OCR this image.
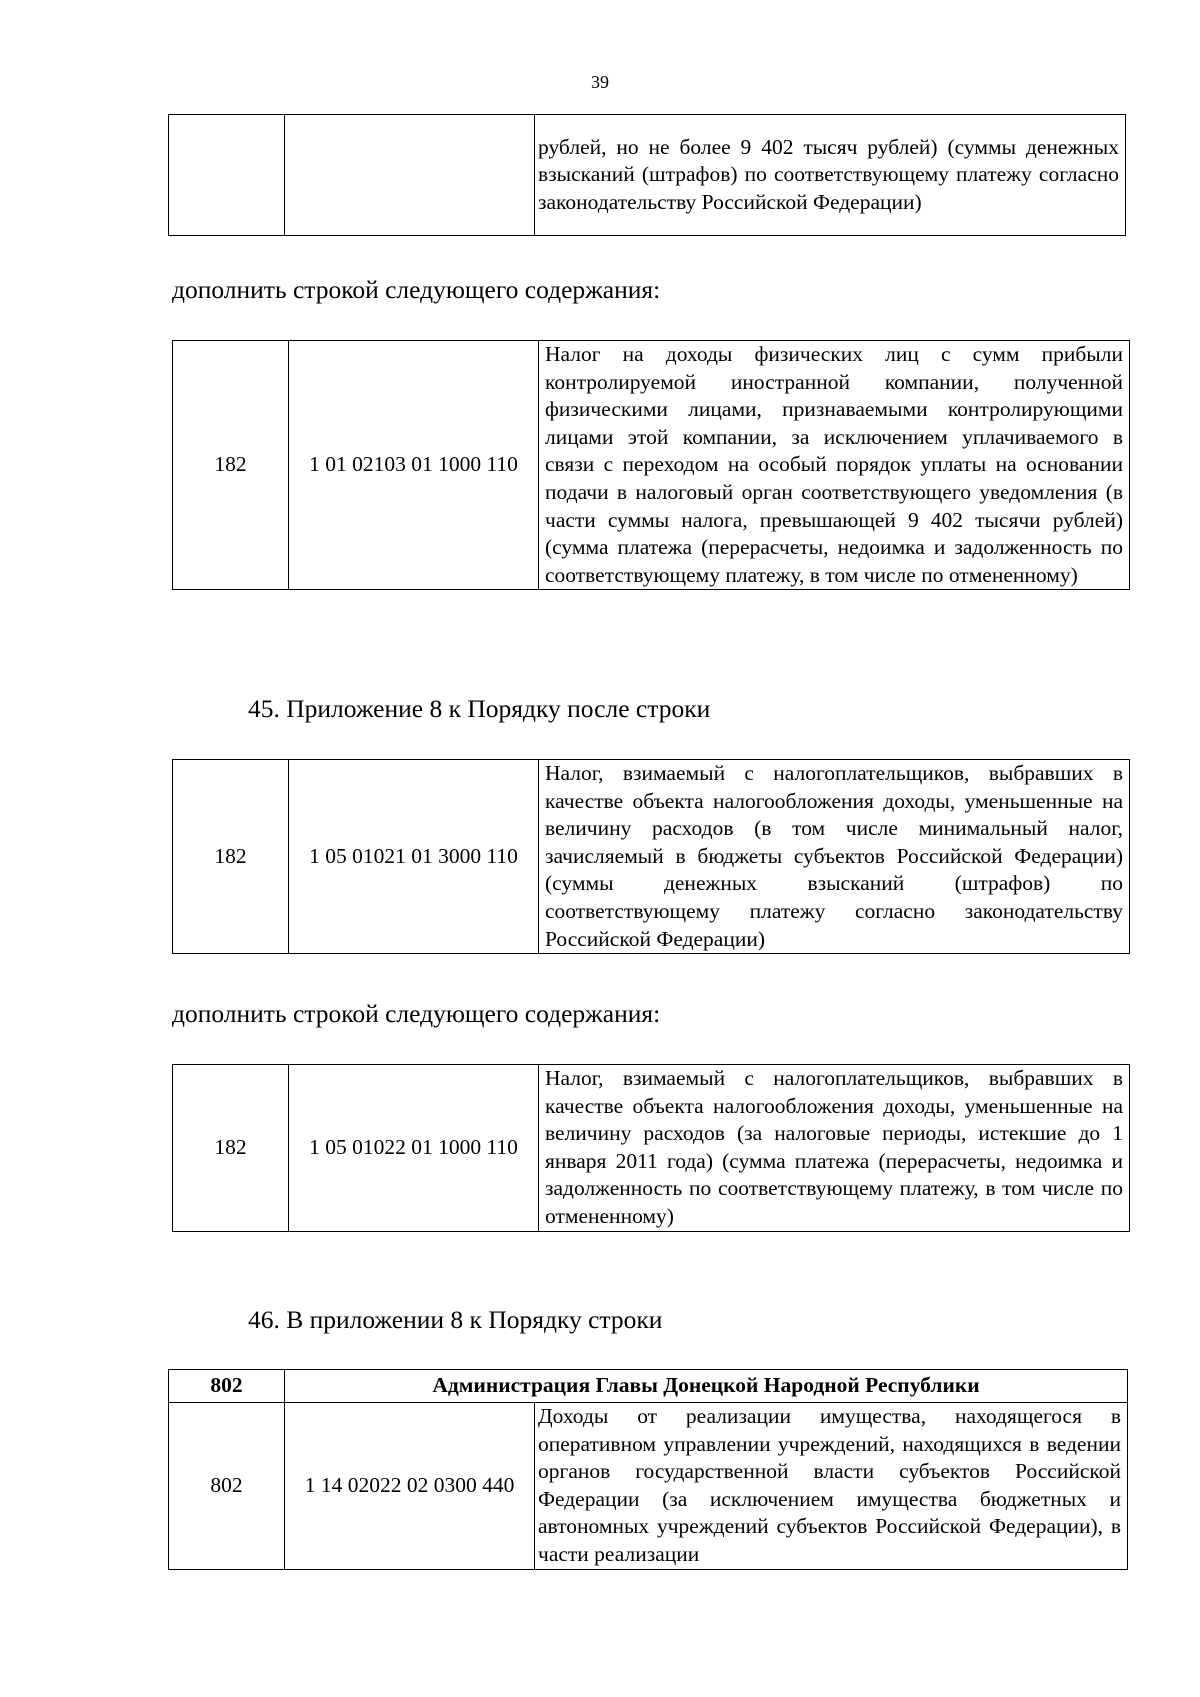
39
		рублей, но не более 9 402 тысяч рублей) (суммы денежных взысканий (штрафов) по соответствующему платежу согласно законодательству Российской Федерации)
дополнить строкой следующего содержания:
182	1 01 02103 01 1000 110	Налог на доходы физических лиц с сумм прибыли контролируемой иностранной компании, полученной физическими лицами, признаваемыми контролирующими лицами этой компании, за исключением уплачиваемого в связи с переходом на особый порядок уплаты на основании подачи в налоговый орган соответствующего уведомления (в части суммы налога, превышающей 9 402 тысячи рублей) (сумма платежа (перерасчеты, недоимка и задолженность по соответствующему платежу, в том числе по отмененному)
45. Приложение 8 к Порядку после строки
182	1 05 01021 01 3000 110	Налог, взимаемый с налогоплательщиков, выбравших в качестве объекта налогообложения доходы, уменьшенные на величину расходов (в том числе минимальный налог, зачисляемый в бюджеты субъектов Российской Федерации) (суммы денежных взысканий (штрафов) по соответствующему платежу согласно законодательству Российской Федерации)
дополнить строкой следующего содержания:
182	1 05 01022 01 1000 110	Налог, взимаемый с налогоплательщиков, выбравших в качестве объекта налогообложения доходы, уменьшенные на величину расходов (за налоговые периоды, истекшие до 1 января 2011 года) (сумма платежа (перерасчеты, недоимка и задолженность по соответствующему платежу, в том числе по отмененному)
46. В приложении 8 к Порядку строки
802	Администрация Главы Донецкой Народной Республики	
802	1 14 02022 02 0300 440	Доходы от реализации имущества, находящегося в оперативном управлении учреждений, находящихся в ведении органов государственной власти субъектов Российской Федерации (за исключением имущества бюджетных и автономных учреждений субъектов Российской Федерации), в части реализации
